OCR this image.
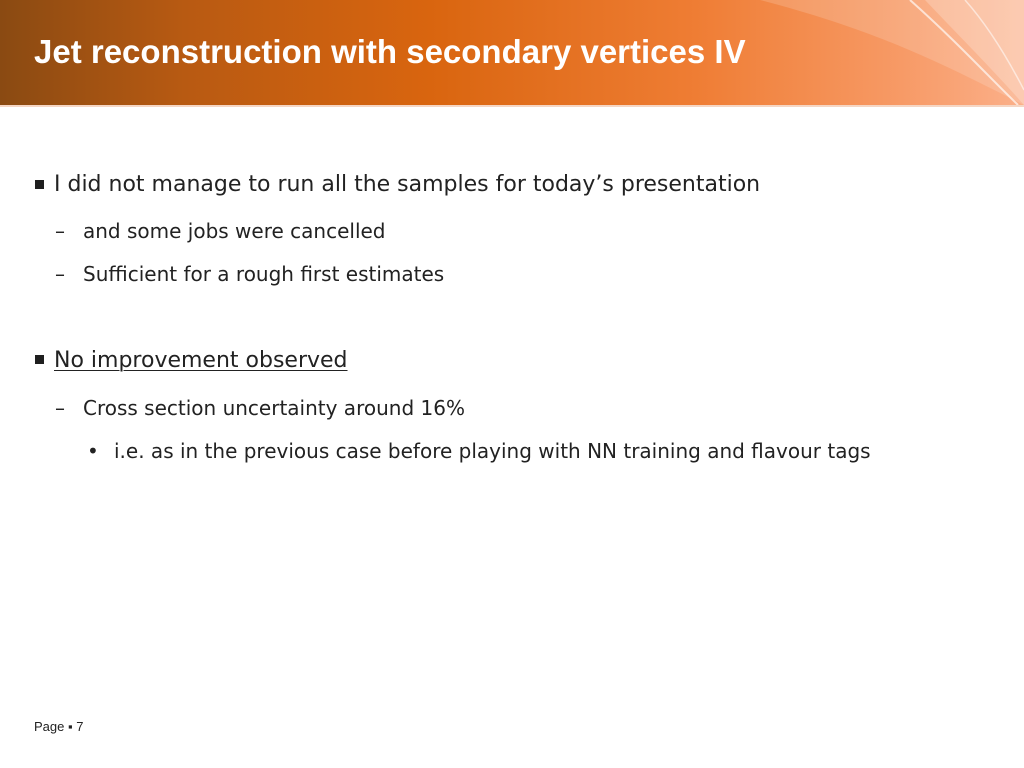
Jet reconstruction with secondary vertices IV
I did not manage to run all the samples for today’s presentation
– and some jobs were cancelled
– Sufficient for a rough first estimates
No improvement observed
– Cross section uncertainty around 16%
• i.e. as in the previous case before playing with NN training and flavour tags
Page ▪ 7
